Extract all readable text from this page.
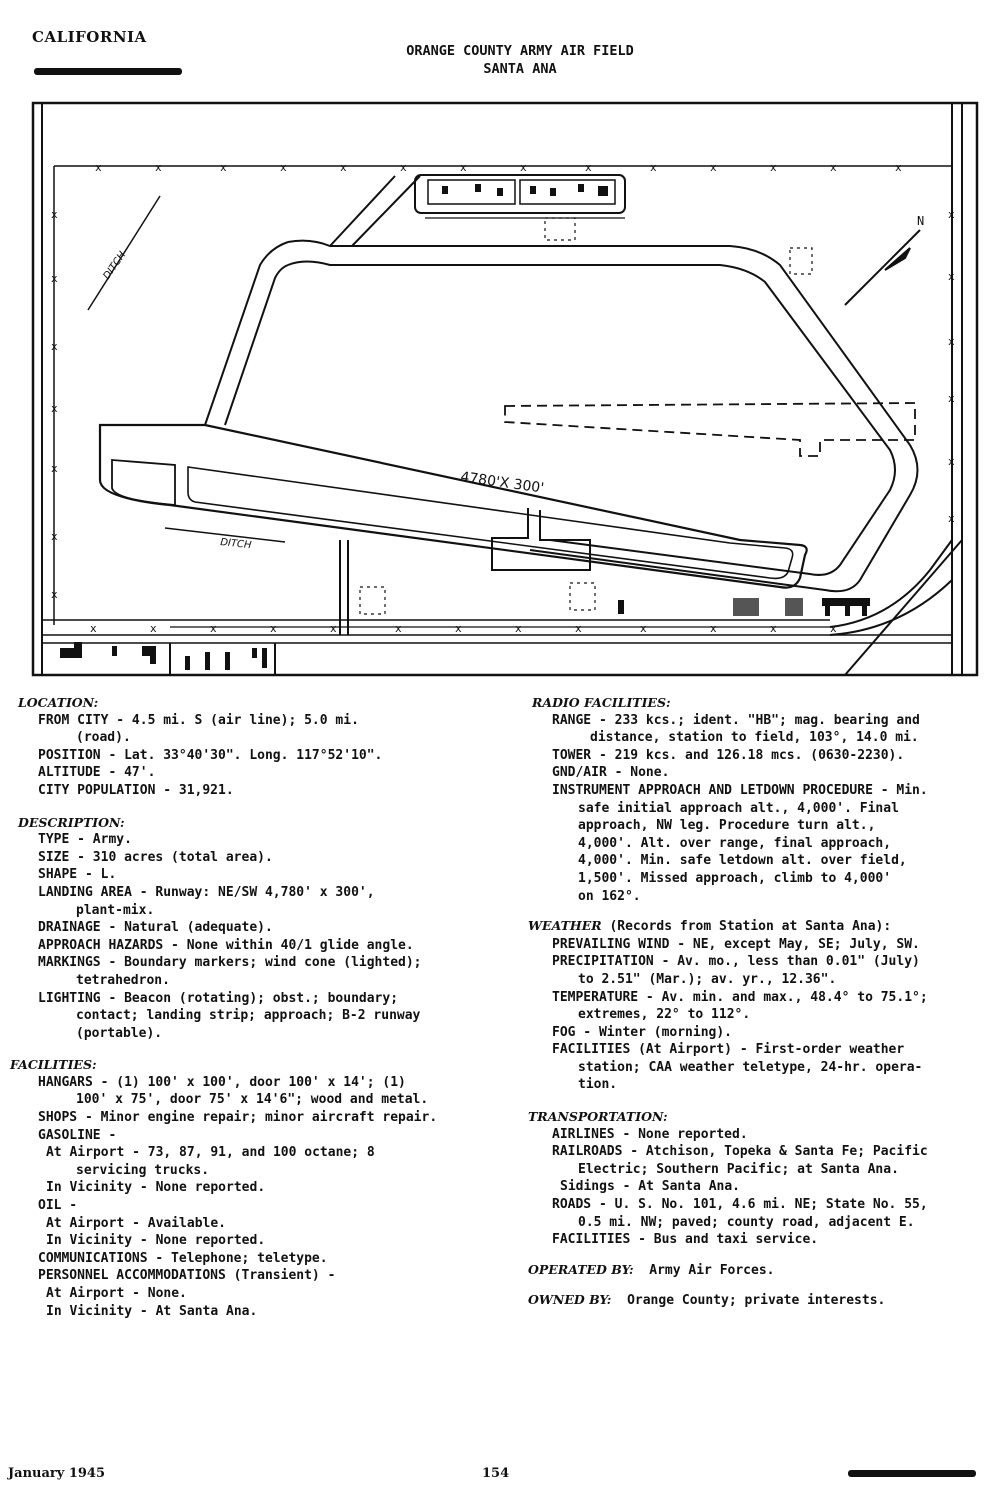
CALIFORNIA
ORANGE COUNTY ARMY AIR FIELD
SANTA ANA
x	x	x	x	x	x	x	x	x	x	x	x	x	x
x
x
x
x
x
x
x
x
x
x
x
x
x
x	x	x	x	x	x	x	x	x	x	x	x	x
N
4780'X 300'
DITCH
DITCH
LOCATION:
FROM CITY - 4.5 mi. S (air line); 5.0 mi.
(road).
POSITION - Lat. 33°40'30". Long. 117°52'10".
ALTITUDE - 47'.
CITY POPULATION - 31,921.
DESCRIPTION:
TYPE - Army.
SIZE - 310 acres (total area).
SHAPE - L.
LANDING AREA - Runway: NE/SW 4,780' x 300',
plant-mix.
DRAINAGE - Natural (adequate).
APPROACH HAZARDS - None within 40/1 glide angle.
MARKINGS - Boundary markers; wind cone (lighted);
tetrahedron.
LIGHTING - Beacon (rotating); obst.; boundary;
contact; landing strip; approach; B-2 runway
(portable).
FACILITIES:
HANGARS - (1) 100' x 100', door 100' x 14'; (1)
100' x 75', door 75' x 14'6"; wood and metal.
SHOPS - Minor engine repair; minor aircraft repair.
GASOLINE -
At Airport - 73, 87, 91, and 100 octane; 8
servicing trucks.
In Vicinity - None reported.
OIL -
At Airport - Available.
In Vicinity - None reported.
COMMUNICATIONS - Telephone; teletype.
PERSONNEL ACCOMMODATIONS (Transient) -
At Airport - None.
In Vicinity - At Santa Ana.
RADIO FACILITIES:
RANGE - 233 kcs.; ident. "HB"; mag. bearing and
distance, station to field, 103°, 14.0 mi.
TOWER - 219 kcs. and 126.18 mcs. (0630-2230).
GND/AIR - None.
INSTRUMENT APPROACH AND LETDOWN PROCEDURE - Min.
safe initial approach alt., 4,000'. Final
approach, NW leg. Procedure turn alt.,
4,000'. Alt. over range, final approach,
4,000'. Min. safe letdown alt. over field,
1,500'. Missed approach, climb to 4,000'
on 162°.
WEATHER (Records from Station at Santa Ana):
PREVAILING WIND - NE, except May, SE; July, SW.
PRECIPITATION - Av. mo., less than 0.01" (July)
to 2.51" (Mar.); av. yr., 12.36".
TEMPERATURE - Av. min. and max., 48.4° to 75.1°;
extremes, 22° to 112°.
FOG - Winter (morning).
FACILITIES (At Airport) - First-order weather
station; CAA weather teletype, 24-hr. opera-
tion.
TRANSPORTATION:
AIRLINES - None reported.
RAILROADS - Atchison, Topeka & Santa Fe; Pacific
Electric; Southern Pacific; at Santa Ana.
Sidings - At Santa Ana.
ROADS - U. S. No. 101, 4.6 mi. NE; State No. 55,
0.5 mi. NW; paved; county road, adjacent E.
FACILITIES - Bus and taxi service.
OPERATED BY: Army Air Forces.
OWNED BY: Orange County; private interests.
January 1945	154
